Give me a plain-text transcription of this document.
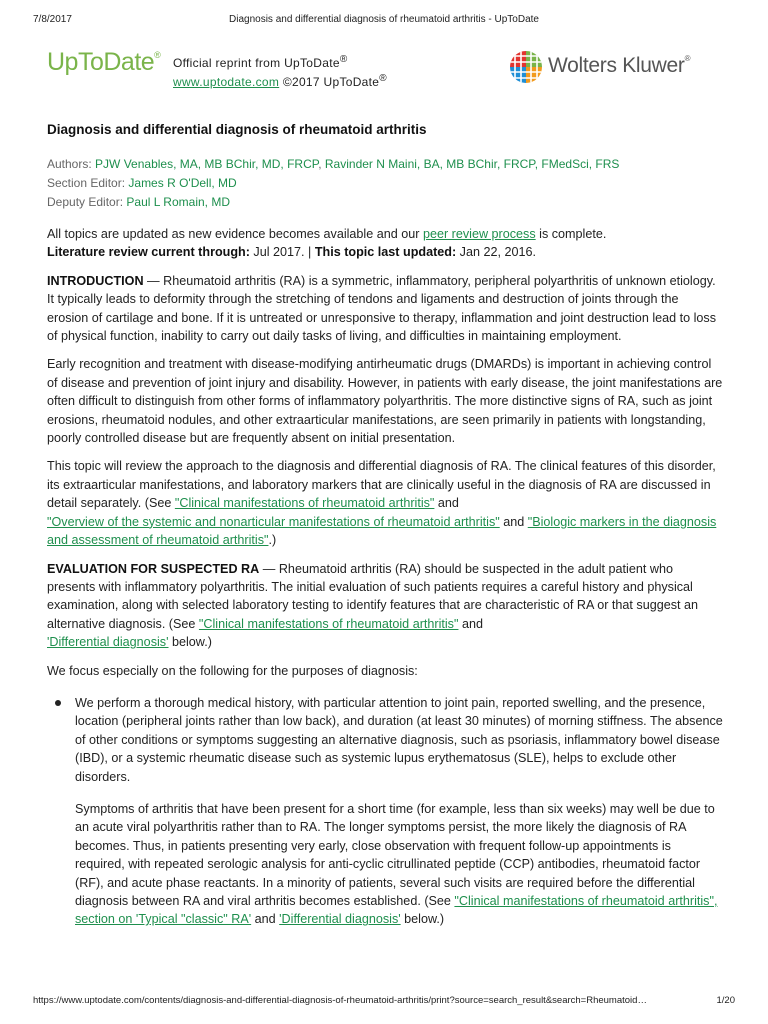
7/8/2017	Diagnosis and differential diagnosis of rheumatoid arthritis - UpToDate
UpToDate®
Official reprint from UpToDate®
www.uptodate.com ©2017 UpToDate®
Wolters Kluwer®
Diagnosis and differential diagnosis of rheumatoid arthritis
Authors: PJW Venables, MA, MB BChir, MD, FRCP, Ravinder N Maini, BA, MB BChir, FRCP, FMedSci, FRS
Section Editor: James R O'Dell, MD
Deputy Editor: Paul L Romain, MD

All topics are updated as new evidence becomes available and our peer review process is complete.
Literature review current through: Jul 2017. | This topic last updated: Jan 22, 2016.

INTRODUCTION — Rheumatoid arthritis (RA) is a symmetric, inflammatory, peripheral polyarthritis of unknown etiology. It typically leads to deformity through the stretching of tendons and ligaments and destruction of joints through the erosion of cartilage and bone. If it is untreated or unresponsive to therapy, inflammation and joint destruction lead to loss of physical function, inability to carry out daily tasks of living, and difficulties in maintaining employment.

Early recognition and treatment with disease-modifying antirheumatic drugs (DMARDs) is important in achieving control of disease and prevention of joint injury and disability. However, in patients with early disease, the joint manifestations are often difficult to distinguish from other forms of inflammatory polyarthritis. The more distinctive signs of RA, such as joint erosions, rheumatoid nodules, and other extraarticular manifestations, are seen primarily in patients with longstanding, poorly controlled disease but are frequently absent on initial presentation.

This topic will review the approach to the diagnosis and differential diagnosis of RA. The clinical features of this disorder, its extraarticular manifestations, and laboratory markers that are clinically useful in the diagnosis of RA are discussed in detail separately. (See "Clinical manifestations of rheumatoid arthritis" and
"Overview of the systemic and nonarticular manifestations of rheumatoid arthritis" and "Biologic markers in the diagnosis and assessment of rheumatoid arthritis".)

EVALUATION FOR SUSPECTED RA — Rheumatoid arthritis (RA) should be suspected in the adult patient who presents with inflammatory polyarthritis. The initial evaluation of such patients requires a careful history and physical examination, along with selected laboratory testing to identify features that are characteristic of RA or that suggest an alternative diagnosis. (See "Clinical manifestations of rheumatoid arthritis" and
'Differential diagnosis' below.)

We focus especially on the following for the purposes of diagnosis:

We perform a thorough medical history, with particular attention to joint pain, reported swelling, and the presence, location (peripheral joints rather than low back), and duration (at least 30 minutes) of morning stiffness. The absence of other conditions or symptoms suggesting an alternative diagnosis, such as psoriasis, inflammatory bowel disease (IBD), or a systemic rheumatic disease such as systemic lupus erythematosus (SLE), helps to exclude other disorders.
Symptoms of arthritis that have been present for a short time (for example, less than six weeks) may well be due to an acute viral polyarthritis rather than to RA. The longer symptoms persist, the more likely the diagnosis of RA becomes. Thus, in patients presenting very early, close observation with frequent follow-up appointments is required, with repeated serologic analysis for anti-cyclic citrullinated peptide (CCP) antibodies, rheumatoid factor (RF), and acute phase reactants. In a minority of patients, several such visits are required before the differential diagnosis between RA and viral arthritis becomes established. (See "Clinical manifestations of rheumatoid arthritis", section on 'Typical "classic" RA' and 'Differential diagnosis' below.)
https://www.uptodate.com/contents/diagnosis-and-differential-diagnosis-of-rheumatoid-arthritis/print?source=search_result&search=Rheumatoid…	1/20
